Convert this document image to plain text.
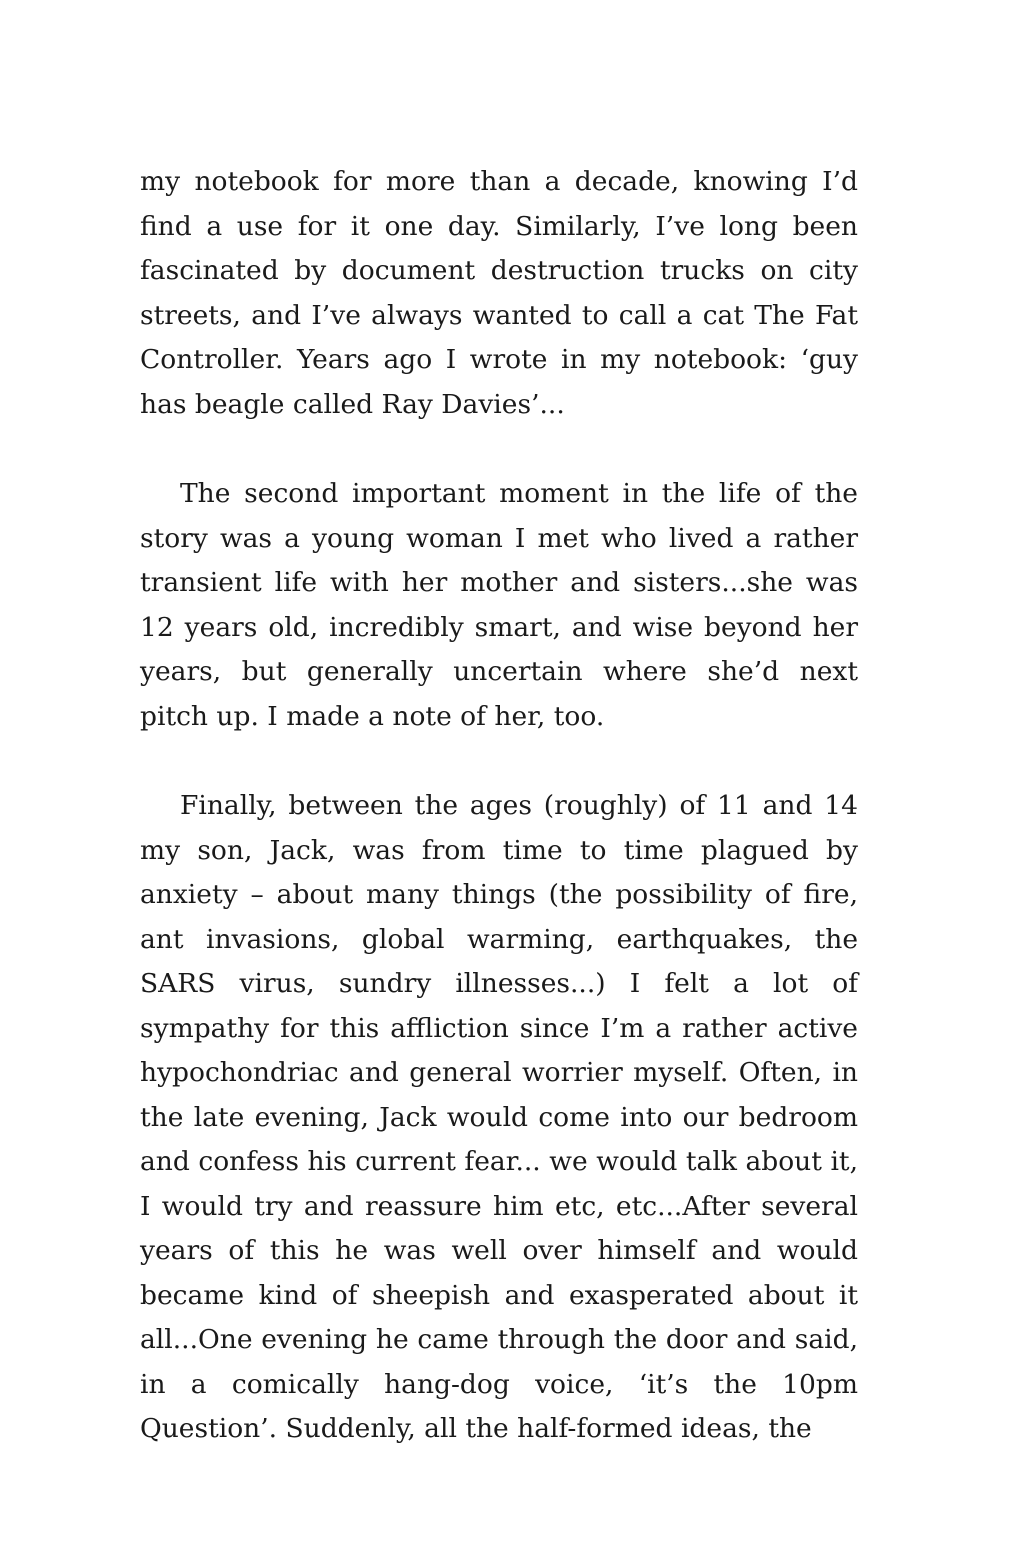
my notebook for more than a decade, knowing I’d find a use for it one day. Similarly, I’ve long been fascinated by document destruction trucks on city streets, and I’ve always wanted to call a cat The Fat Controller. Years ago I wrote in my notebook: ‘guy has beagle called Ray Davies’...

The second important moment in the life of the story was a young woman I met who lived a rather transient life with her mother and sisters...she was 12 years old, incredibly smart, and wise beyond her years, but generally uncertain where she’d next pitch up. I made a note of her, too.

Finally, between the ages (roughly) of 11 and 14 my son, Jack, was from time to time plagued by anxiety – about many things (the possibility of fire, ant invasions, global warming, earthquakes, the SARS virus, sundry illnesses...) I felt a lot of sympathy for this affliction since I’m a rather active hypochondriac and general worrier myself. Often, in the late evening, Jack would come into our bedroom and confess his current fear... we would talk about it, I would try and reassure him etc, etc...After several years of this he was well over himself and would became kind of sheepish and exasperated about it all...One evening he came through the door and said, in a comically hang-dog voice, ‘it’s the 10pm Question’. Suddenly, all the half-formed ideas, the
